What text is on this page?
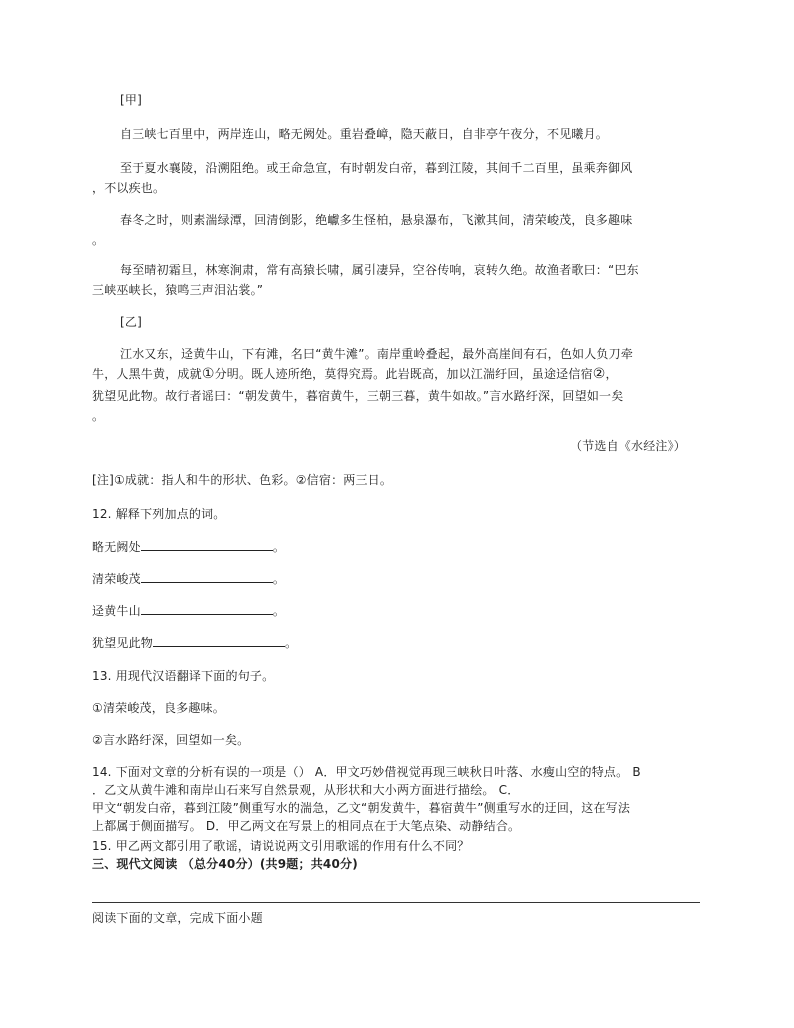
[甲]
自三峡七百里中，两岸连山，略无阙处。重岩叠嶂，隐天蔽日，自非亭午夜分，不见曦月。
至于夏水襄陵，沿溯阻绝。或王命急宣，有时朝发白帝，暮到江陵，其间千二百里，虽乘奔御风
，不以疾也。
春冬之时，则素湍绿潭，回清倒影，绝巘多生怪柏，悬泉瀑布，飞漱其间，清荣峻茂，良多趣味
。
每至晴初霜旦，林寒涧肃，常有高猿长啸，属引凄异，空谷传响，哀转久绝。故渔者歌曰：“巴东
三峡巫峡长，猿鸣三声泪沾裳。”
[乙]
江水又东，迳黄牛山，下有滩，名曰“黄牛滩”。南岸重岭叠起，最外高崖间有石，色如人负刀牵
牛，人黑牛黄，成就①分明。既人迹所绝，莫得究焉。此岩既高，加以江湍纡回，虽途迳信宿②，
犹望见此物。故行者谣曰：“朝发黄牛，暮宿黄牛，三朝三暮，黄牛如故。”言水路纡深，回望如一矣
。
（节选自《水经注》）
[注]①成就：指人和牛的形状、色彩。②信宿：两三日。
12. 解释下列加点的词。
略无阙处	。
清荣峻茂	。
迳黄牛山	。
犹望见此物	。
13. 用现代汉语翻译下面的句子。
①清荣峻茂，良多趣味。
②言水路纡深，回望如一矣。
14. 下面对文章的分析有误的一项是（） A．甲文巧妙借视觉再现三峡秋日叶落、水瘦山空的特点。 B
．乙文从黄牛滩和南岸山石来写自然景观，从形状和大小两方面进行描绘。 C．
甲文“朝发白帝，暮到江陵”侧重写水的湍急，乙文“朝发黄牛，暮宿黄牛”侧重写水的迂回，这在写法
上都属于侧面描写。 D．甲乙两文在写景上的相同点在于大笔点染、动静结合。
15. 甲乙两文都引用了歌谣，请说说两文引用歌谣的作用有什么不同？
三、现代文阅读 （总分40分）(共9题；共40分)
阅读下面的文章，完成下面小题
